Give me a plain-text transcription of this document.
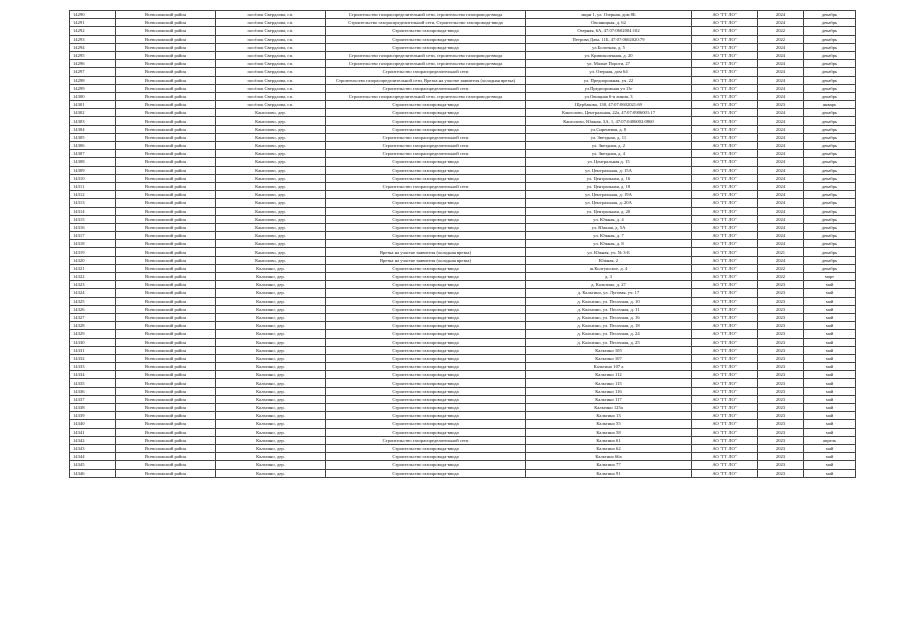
14290	Всеволожский район	посёлок Свердлова, г.п.	Строительство газораспределительной сети, строительство газопровода-ввода	мкрн 1, ул. Озерная, дом 8Б	АО "ГТ ЛО"	2024	декабрь
14291	Всеволожский район	посёлок Свердлова, г.п.	Строительство газораспределительной сети, Строительство газопровода-ввода	Овсяницкая, д. 62	АО "ГТ ЛО"	2024	декабрь
14292	Всеволожский район	посёлок Свердлова, г.п.	Строительство газопровода-ввода	Озерная, 6А, 47:07:0602004:102	АО "ГТ ЛО"	2022	декабрь
14293	Всеволожский район	посёлок Свердлова, г.п.	Строительство газопровода-ввода	Петрова Дача, 11Б, 47:07:0602020:79	АО "ГТ ЛО"	2022	декабрь
14294	Всеволожский район	посёлок Свердлова, г.п.	Строительство газопровода-ввода	ул.Болотная, д. 5	АО "ГТ ЛО"	2024	декабрь
14295	Всеволожский район	посёлок Свердлова, г.п.	Строительство газораспределительной сети, строительство газопровода-ввода	ул. Кривоколенная, д. 20	АО "ГТ ЛО"	2024	декабрь
14296	Всеволожский район	посёлок Свердлова, г.п.	Строительство газораспределительной сети, строительство газопровода-ввода	ул. Малые Пороги, 27	АО "ГТ ЛО"	2024	декабрь
14297	Всеволожский район	посёлок Свердлова, г.п.	Строительство газораспределительной сети	ул. Озерная, дом 64	АО "ГТ ЛО"	2024	декабрь
14298	Всеволожский район	посёлок Свердлова, г.п.	Строительство газораспределительной сети, Врезка на участке заявителя (холодная врезка)	ул. Предпорожная, уч. 22	АО "ГТ ЛО"	2024	декабрь
14299	Всеволожский район	посёлок Свердлова, г.п.	Строительство газораспределительной сети	ул.Предпорожная уч 13г	АО "ГТ ЛО"	2024	декабрь
14300	Всеволожский район	посёлок Свердлова, г.п.	Строительство газораспределительной сети, строительство газопровода-ввода	ул.Овощная 6-я линия, 3	АО "ГТ ЛО"	2024	декабрь
14301	Всеволожский район	посёлок Свердлова, г.п.	Строительство газопровода-ввода	Щербакова, 138, 47:07:0602021:69	АО "ГТ ЛО"	2023	январь
14302	Всеволожский район	Канголово, дер.	Строительство газопровода-ввода	Канголово, Центральная, 22а, 47:07:0906001:17	АО "ГТ ЛО"	2024	декабрь
14303	Всеволожский район	Канголово, дер.	Строительство газопровода-ввода	Канголово, Южная, 3А, 1, 47:07:0406002:0860	АО "ГТ ЛО"	2024	декабрь
14304	Всеволожский район	Канголово, дер.	Строительство газопровода-ввода	ул.Сиреневая, д. 8	АО "ГТ ЛО"	2024	декабрь
14305	Всеволожский район	Канголово, дер.	Строительство газораспределительной сети	ул. Звездная, д. 11	АО "ГТ ЛО"	2024	декабрь
14306	Всеволожский район	Канголово, дер.	Строительство газораспределительной сети	ул. Звездная, д. 2	АО "ГТ ЛО"	2024	декабрь
14307	Всеволожский район	Канголово, дер.	Строительство газораспределительной сети	ул. Звездная, д. 4	АО "ГТ ЛО"	2024	декабрь
14308	Всеволожский район	Канголово, дер.	Строительство газопровода-ввода	ул. Центральная д. 15	АО "ГТ ЛО"	2024	декабрь
14309	Всеволожский район	Канголово, дер.	Строительство газопровода-ввода	ул. Центральная, д. 15А	АО "ГТ ЛО"	2024	декабрь
14310	Всеволожский район	Канголово, дер.	Строительство газопровода-ввода	ул. Центральная, д. 16	АО "ГТ ЛО"	2024	декабрь
14311	Всеволожский район	Канголово, дер.	Строительство газораспределительной сети	ул. Центральная, д. 18	АО "ГТ ЛО"	2024	декабрь
14312	Всеволожский район	Канголово, дер.	Строительство газопровода-ввода	ул. Центральная, д. 19А	АО "ГТ ЛО"	2024	декабрь
14313	Всеволожский район	Канголово, дер.	Строительство газопровода-ввода	ул. Центральная, д. 20А	АО "ГТ ЛО"	2024	декабрь
14314	Всеволожский район	Канголово, дер.	Строительство газопровода-ввода	ул. Центральная, д. 20	АО "ГТ ЛО"	2024	декабрь
14315	Всеволожский район	Канголово, дер.	Строительство газопровода-ввода	ул. Южная, д. 4	АО "ГТ ЛО"	2024	декабрь
14316	Всеволожский район	Канголово, дер.	Строительство газопровода-ввода	ул. Южная, д. 5А	АО "ГТ ЛО"	2024	декабрь
14317	Всеволожский район	Канголово, дер.	Строительство газопровода-ввода	ул. Южная, д. 7	АО "ГТ ЛО"	2024	декабрь
14318	Всеволожский район	Канголово, дер.	Строительство газопровода-ввода	ул. Южная, д. 8	АО "ГТ ЛО"	2024	декабрь
14319	Всеволожский район	Канголово, дер.	Врезка на участке заявителя (холодная врезка)	ул. Южная, уч. № 3-Б	АО "ГТ ЛО"	2021	декабрь
14320	Всеволожский район	Канголово, дер.	Врезка на участке заявителя (холодная врезка)	Южная, 2	АО "ГТ ЛО"	2024	декабрь
14321	Всеволожский район	Кальтино, дер.	Строительство газопровода-ввода	ш.Колтушское, д. 4	АО "ГТ ЛО"	2022	декабрь
14322	Всеволожский район	Кальтино, дер.	Строительство газопровода-ввода	д. 3	АО "ГТ ЛО"	2022	март
14323	Всеволожский район	Кальтино, дер.	Строительство газопровода-ввода	д. Кальтино, д. 27	АО "ГТ ЛО"	2023	май
14324	Всеволожский район	Кальтино, дер.	Строительство газопровода-ввода	д. Кальтино, ул. Луговая, уч. 17	АО "ГТ ЛО"	2023	май
14325	Всеволожский район	Кальтино, дер.	Строительство газопровода-ввода	д. Кальтино, ул. Песочная, д. 10	АО "ГТ ЛО"	2023	май
14326	Всеволожский район	Кальтино, дер.	Строительство газопровода-ввода	д. Кальтино, ул. Песочная, д. 11	АО "ГТ ЛО"	2023	май
14327	Всеволожский район	Кальтино, дер.	Строительство газопровода-ввода	д. Кальтино, ул. Песочная, д. 16	АО "ГТ ЛО"	2023	май
14328	Всеволожский район	Кальтино, дер.	Строительство газопровода-ввода	д. Кальтино, ул. Песочная, д. 18	АО "ГТ ЛО"	2023	май
14329	Всеволожский район	Кальтино, дер.	Строительство газопровода-ввода	д. Кальтино, ул. Песочная, д. 24	АО "ГТ ЛО"	2023	май
14330	Всеволожский район	Кальтино, дер.	Строительство газопровода-ввода	д. Кальтино, ул. Песочная, д. 25	АО "ГТ ЛО"	2023	май
14331	Всеволожский район	Кальтино, дер.	Строительство газопровода-ввода	Кальтино 105	АО "ГТ ЛО"	2023	май
14332	Всеволожский район	Кальтино, дер.	Строительство газопровода-ввода	Кальтино 107	АО "ГТ ЛО"	2023	май
14333	Всеволожский район	Кальтино, дер.	Строительство газопровода-ввода	Кальтино 107 а	АО "ГТ ЛО"	2023	май
14334	Всеволожский район	Кальтино, дер.	Строительство газопровода-ввода	Кальтино 112	АО "ГТ ЛО"	2023	май
14335	Всеволожский район	Кальтино, дер.	Строительство газопровода-ввода	Кальтино 115	АО "ГТ ЛО"	2023	май
14336	Всеволожский район	Кальтино, дер.	Строительство газопровода-ввода	Кальтино 116	АО "ГТ ЛО"	2023	май
14337	Всеволожский район	Кальтино, дер.	Строительство газопровода-ввода	Кальтино 117	АО "ГТ ЛО"	2023	май
14338	Всеволожский район	Кальтино, дер.	Строительство газопровода-ввода	Кальтино 125а	АО "ГТ ЛО"	2023	май
14339	Всеволожский район	Кальтино, дер.	Строительство газопровода-ввода	Кальтино 13	АО "ГТ ЛО"	2023	май
14340	Всеволожский район	Кальтино, дер.	Строительство газопровода-ввода	Кальтино 55	АО "ГТ ЛО"	2023	май
14341	Всеволожский район	Кальтино, дер.	Строительство газопровода-ввода	Кальтино 58	АО "ГТ ЛО"	2023	май
14342	Всеволожский район	Кальтино, дер.	Строительство газораспределительной сети	Кальтино 61	АО "ГТ ЛО"	2023	апрель
14343	Всеволожский район	Кальтино, дер.	Строительство газопровода-ввода	Кальтино 62	АО "ГТ ЛО"	2023	май
14344	Всеволожский район	Кальтино, дер.	Строительство газопровода-ввода	Кальтино 66а	АО "ГТ ЛО"	2023	май
14345	Всеволожский район	Кальтино, дер.	Строительство газопровода-ввода	Кальтино 77	АО "ГТ ЛО"	2023	май
14346	Всеволожский район	Кальтино, дер.	Строительство газопровода-ввода	Кальтино 91	АО "ГТ ЛО"	2023	май
